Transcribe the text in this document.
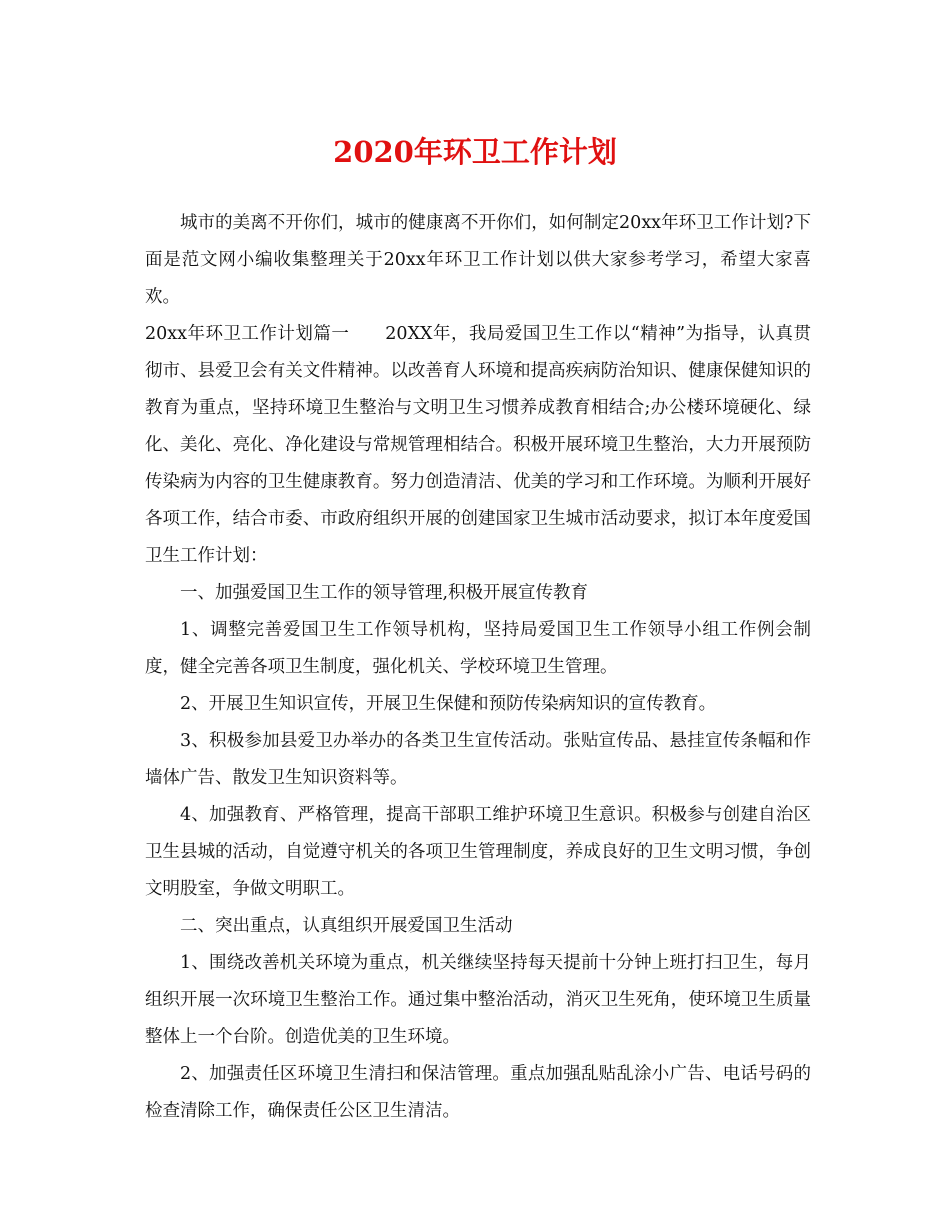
2020年环卫工作计划

城市的美离不开你们，城市的健康离不开你们，如何制定20xx年环卫工作计划?下面是范文网小编收集整理关于20xx年环卫工作计划以供大家参考学习，希望大家喜欢。

20xx年环卫工作计划篇一　　20XX年，我局爱国卫生工作以“精神”为指导，认真贯彻市、县爱卫会有关文件精神。以改善育人环境和提高疾病防治知识、健康保健知识的教育为重点，坚持环境卫生整治与文明卫生习惯养成教育相结合;办公楼环境硬化、绿化、美化、亮化、净化建设与常规管理相结合。积极开展环境卫生整治，大力开展预防传染病为内容的卫生健康教育。努力创造清洁、优美的学习和工作环境。为顺利开展好各项工作，结合市委、市政府组织开展的创建国家卫生城市活动要求，拟订本年度爱国卫生工作计划：

一、加强爱国卫生工作的领导管理,积极开展宣传教育

1、调整完善爱国卫生工作领导机构，坚持局爱国卫生工作领导小组工作例会制度，健全完善各项卫生制度，强化机关、学校环境卫生管理。

2、开展卫生知识宣传，开展卫生保健和预防传染病知识的宣传教育。

3、积极参加县爱卫办举办的各类卫生宣传活动。张贴宣传品、悬挂宣传条幅和作墙体广告、散发卫生知识资料等。

4、加强教育、严格管理，提高干部职工维护环境卫生意识。积极参与创建自治区卫生县城的活动，自觉遵守机关的各项卫生管理制度，养成良好的卫生文明习惯，争创文明股室，争做文明职工。

二、突出重点，认真组织开展爱国卫生活动

1、围绕改善机关环境为重点，机关继续坚持每天提前十分钟上班打扫卫生，每月组织开展一次环境卫生整治工作。通过集中整治活动，消灭卫生死角，使环境卫生质量整体上一个台阶。创造优美的卫生环境。

2、加强责任区环境卫生清扫和保洁管理。重点加强乱贴乱涂小广告、电话号码的检查清除工作，确保责任公区卫生清洁。
